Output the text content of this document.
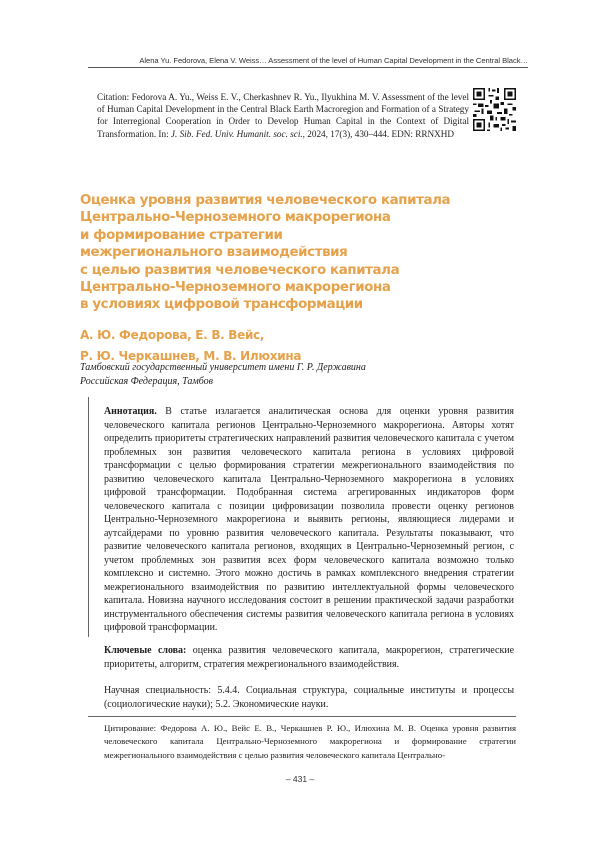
Alena Yu. Fedorova, Elena V. Weiss… Assessment of the level of Human Capital Development in the Central Black…
Citation: Fedorova A. Yu., Weiss E. V., Cherkashnev R. Yu., Ilyukhina M. V. Assessment of the level of Human Capital Development in the Central Black Earth Macroregion and Formation of a Strategy for Interregional Cooperation in Order to Develop Human Capital in the Context of Digital Transformation. In: J. Sib. Fed. Univ. Humanit. soc. sci., 2024, 17(3), 430–444. EDN: RRNXHD
Оценка уровня развития человеческого капитала
Центрально-Черноземного макрорегиона
и формирование стратегии
межрегионального взаимодействия
с целью развития человеческого капитала
Центрально-Черноземного макрорегиона
в условиях цифровой трансформации
А. Ю. Федорова, Е. В. Вейс,
Р. Ю. Черкашнев, М. В. Илюхина
Тамбовский государственный университет имени Г. Р. Державина
Российская Федерация, Тамбов
Аннотация. В статье излагается аналитическая основа для оценки уровня развития человеческого капитала регионов Центрально-Черноземного макрорегиона. Авторы хотят определить приоритеты стратегических направлений развития человеческого капитала с учетом проблемных зон развития человеческого капитала региона в условиях цифровой трансформации с целью формирования стратегии межрегионального взаимодействия по развитию человеческого капитала Центрально-Черноземного макрорегиона в условиях цифровой трансформации. Подобранная система агрегированных индикаторов форм человеческого капитала с позиции цифровизации позволила провести оценку регионов Центрально-Черноземного макрорегиона и выявить регионы, являющиеся лидерами и аутсайдерами по уровню развития человеческого капитала. Результаты показывают, что развитие человеческого капитала регионов, входящих в Центрально-Черноземный регион, с учетом проблемных зон развития всех форм человеческого капитала возможно только комплексно и системно. Этого можно достичь в рамках комплексного внедрения стратегии межрегионального взаимодействия по развитию интеллектуальной формы человеческого капитала. Новизна научного исследования состоит в решении практической задачи разработки инструментального обеспечения системы развития человеческого капитала региона в условиях цифровой трансформации.
Ключевые слова: оценка развития человеческого капитала, макрорегион, стратегические приоритеты, алгоритм, стратегия межрегионального взаимодействия.
Научная специальность: 5.4.4. Социальная структура, социальные институты и процессы (социологические науки); 5.2. Экономические науки.
Цитирование: Федорова А. Ю., Вейс Е. В., Черкашнев Р. Ю., Илюхина М. В. Оценка уровня развития человеческого капитала Центрально-Черноземного макрорегиона и формирование стратегии межрегионального взаимодействия с целью развития человеческого капитала Центрально-
– 431 –
